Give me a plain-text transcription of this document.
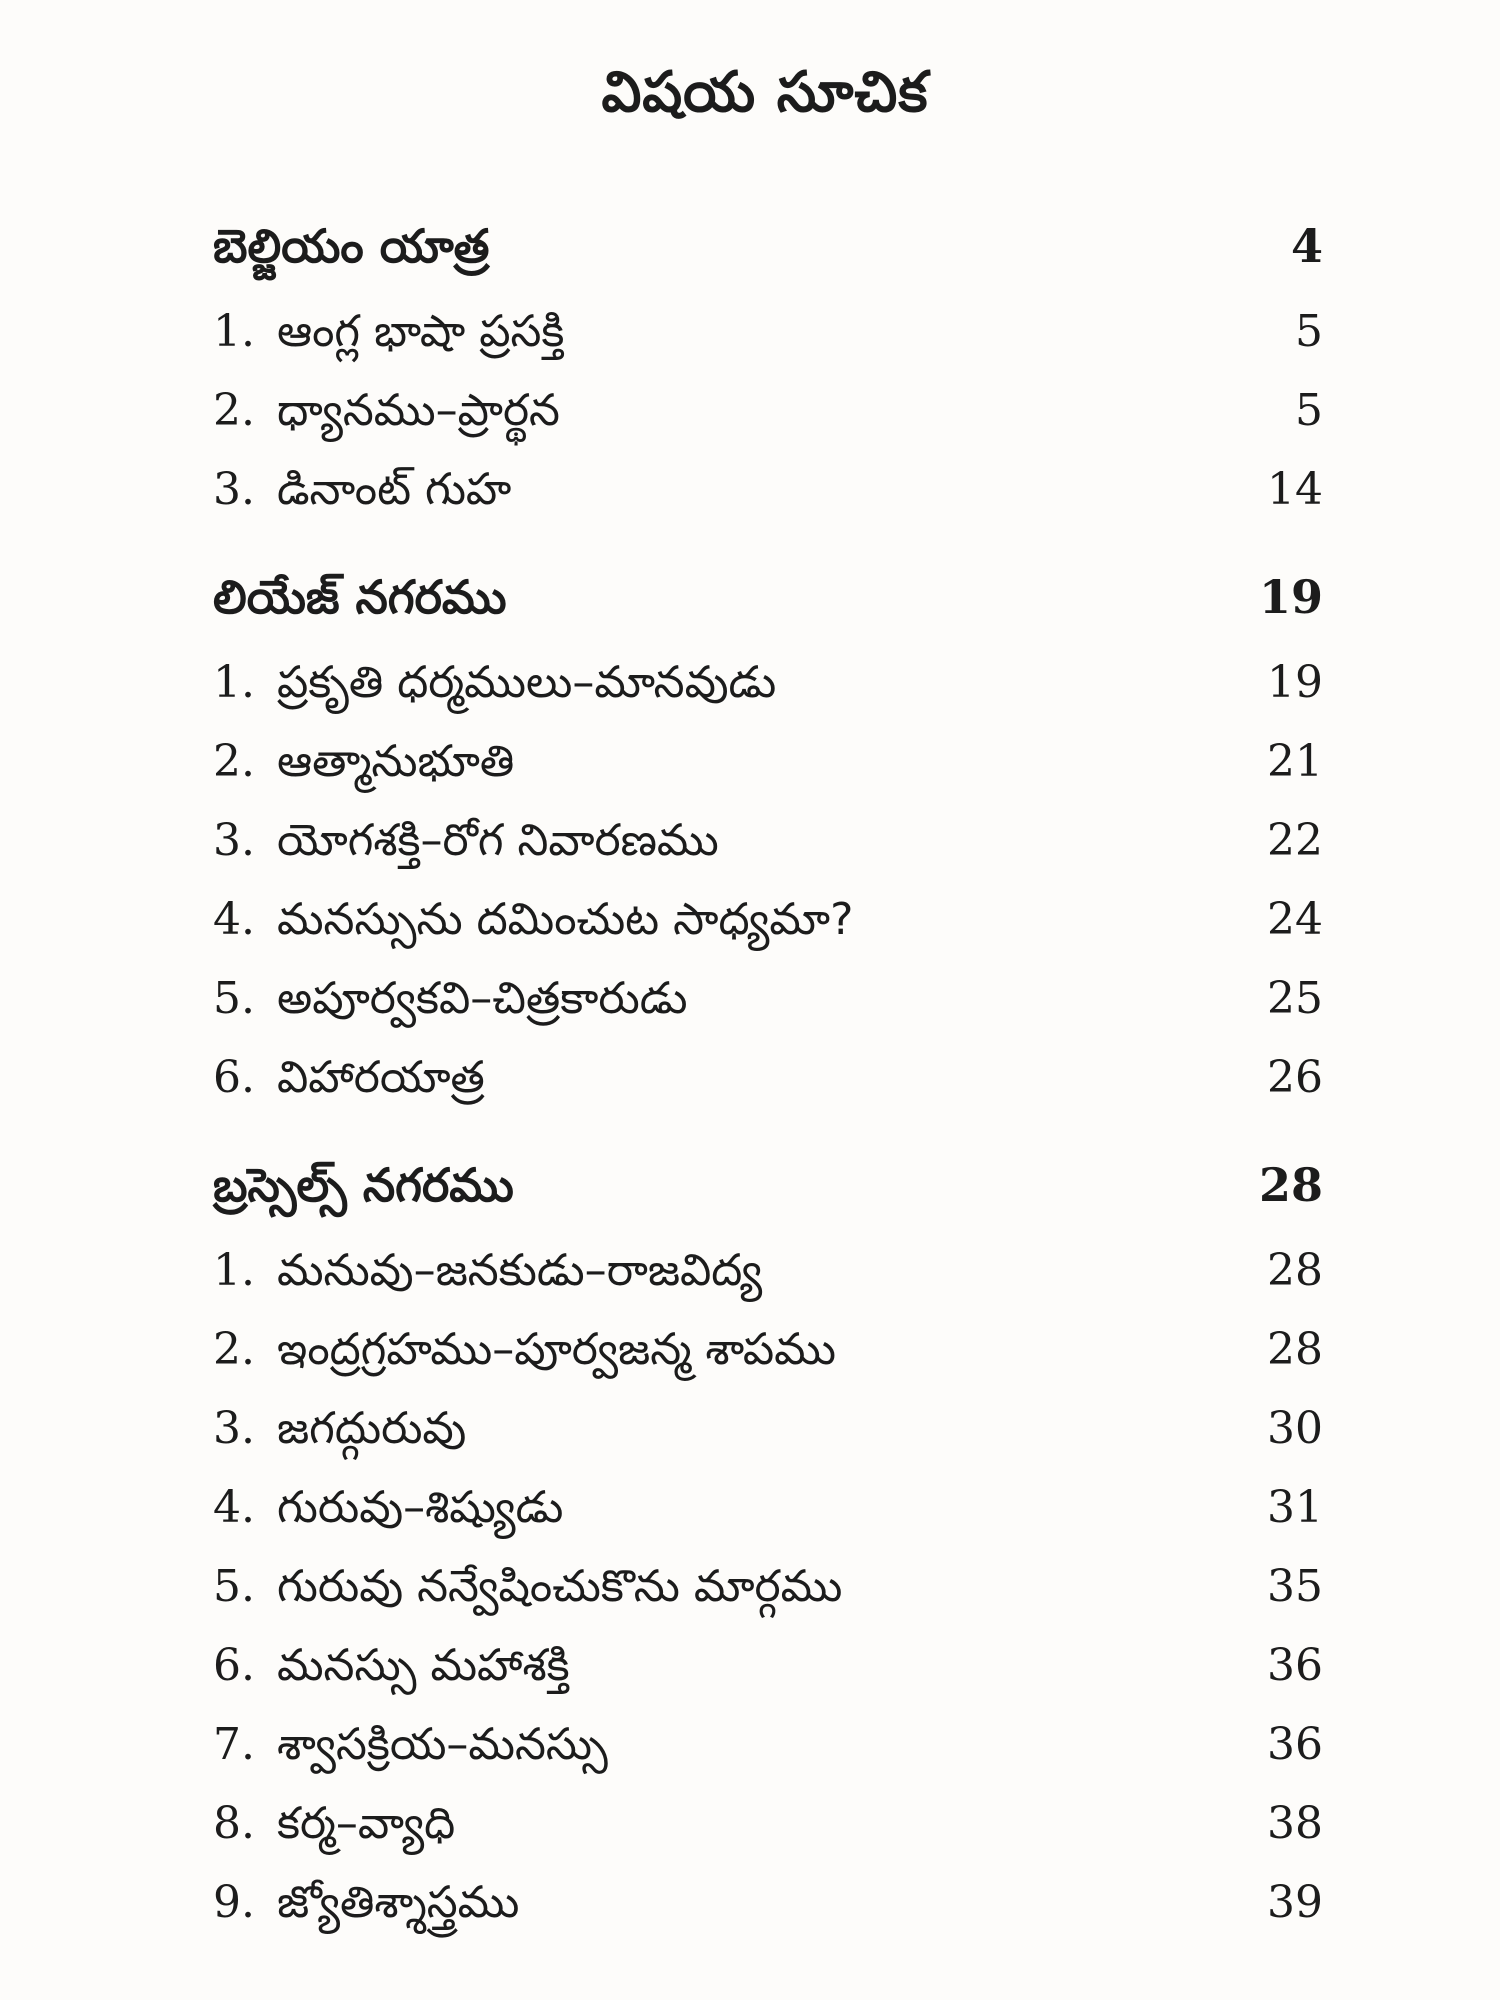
విషయ సూచిక
బెల్జియం యాత్ర	4
1. ఆంగ్ల భాషా ప్రసక్తి	5
2. ధ్యానము–ప్రార్థన	5
3. డినాంట్ గుహ	14
లియేజ్ నగరము	19
1. ప్రకృతి ధర్మములు–మానవుడు	19
2. ఆత్మానుభూతి	21
3. యోగశక్తి–రోగ నివారణము	22
4. మనస్సును దమించుట సాధ్యమా?	24
5. అపూర్వకవి–చిత్రకారుడు	25
6. విహారయాత్ర	26
బ్రస్సెల్స్ నగరము	28
1. మనువు–జనకుడు–రాజవిద్య	28
2. ఇంద్రగ్రహము–పూర్వజన్మ శాపము	28
3. జగద్గురువు	30
4. గురువు–శిష్యుడు	31
5. గురువు నన్వేషించుకొను మార్గము	35
6. మనస్సు మహాశక్తి	36
7. శ్వాసక్రియ–మనస్సు	36
8. కర్మ–వ్యాధి	38
9. జ్యోతిశ్శాస్త్రము	39
